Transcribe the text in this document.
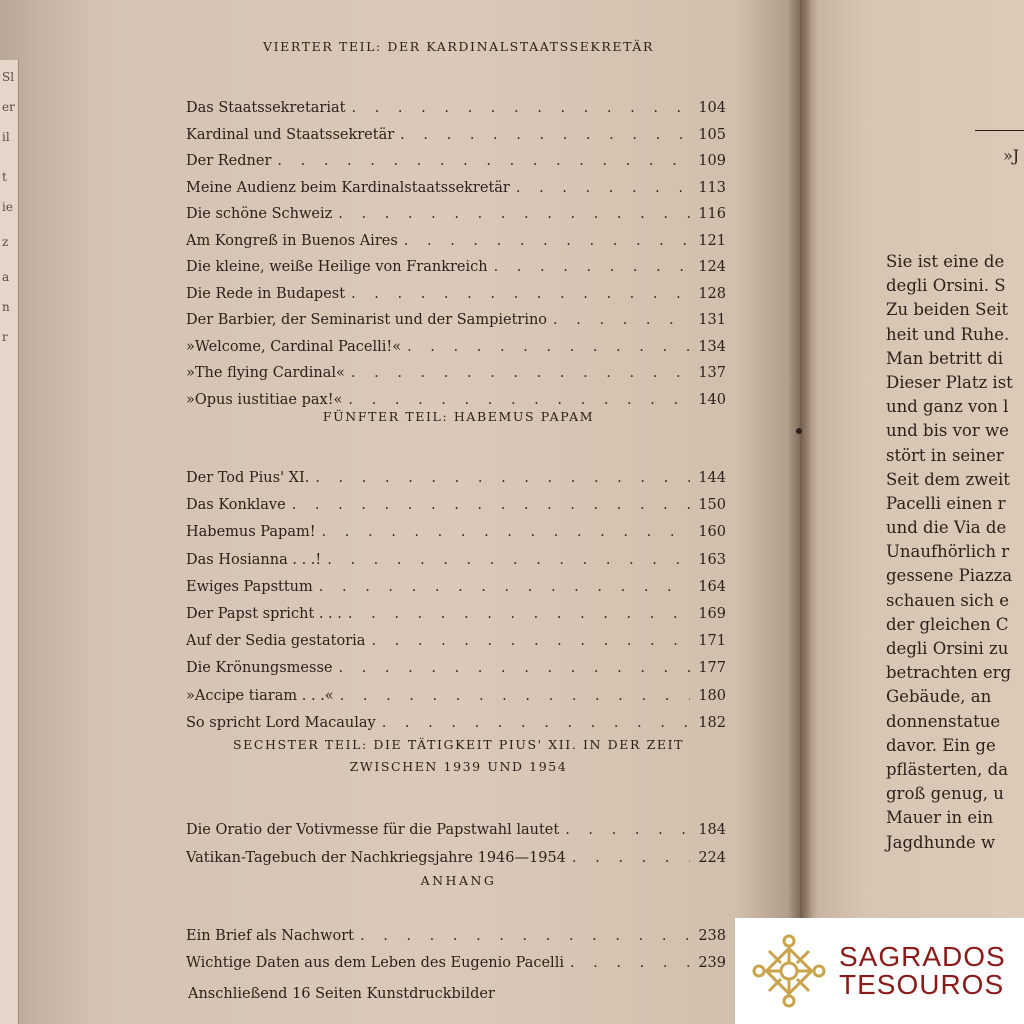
Sl
er
il
t
ie
z
a
n
r

VIERTER TEIL: DER KARDINALSTAATSSEKRETÄR

Das Staatssekretariat . . .	104
Kardinal und Staatssekretär . . .	105
Der Redner . . .	109
Meine Audienz beim Kardinalstaatssekretär . . .	113
Die schöne Schweiz . . .	116
Am Kongreß in Buenos Aires . . .	121
Die kleine, weiße Heilige von Frankreich . . .	124
Die Rede in Budapest . . .	128
Der Barbier, der Seminarist und der Sampietrino . . .	131
»Welcome, Cardinal Pacelli!« . . .	134
»The flying Cardinal« . . .	137
»Opus iustitiae pax!« . . .	140

FÜNFTER TEIL: HABEMUS PAPAM

Der Tod Pius' XI. . . .	144
Das Konklave . . .	150
Habemus Papam! . . .	160
Das Hosianna . . .! . . .	163
Ewiges Papsttum . . .	164
Der Papst spricht . . . . . .	169
Auf der Sedia gestatoria . . .	171
Die Krönungsmesse . . .	177
»Accipe tiaram . . .« . . .	180
So spricht Lord Macaulay . . .	182

SECHSTER TEIL: DIE TÄTIGKEIT PIUS' XII. IN DER ZEIT

ZWISCHEN 1939 UND 1954

Die Oratio der Votivmesse für die Papstwahl lautet . . .	184
Vatikan-Tagebuch der Nachkriegsjahre 1946—1954 . . .	224

ANHANG

Ein Brief als Nachwort . . .	238
Wichtige Daten aus dem Leben des Eugenio Pacelli . . .	239
Anschließend 16 Seiten Kunstdruckbilder
»J
Sie ist eine de
degli Orsini. S
Zu beiden Seit
heit und Ruhe.
Man betritt di
Dieser Platz ist
und ganz von l
und bis vor we
stört in seiner
Seit dem zweit
Pacelli einen r
und die Via de
Unaufhörlich r
gessene Piazza
schauen sich e
der gleichen C
degli Orsini zu
betrachten erg
Gebäude, an
donnenstatue
davor. Ein ge
pflästerten, da
groß genug, u
Mauer in ein
Jagdhunde w
SAGRADOS
TESOUROS
